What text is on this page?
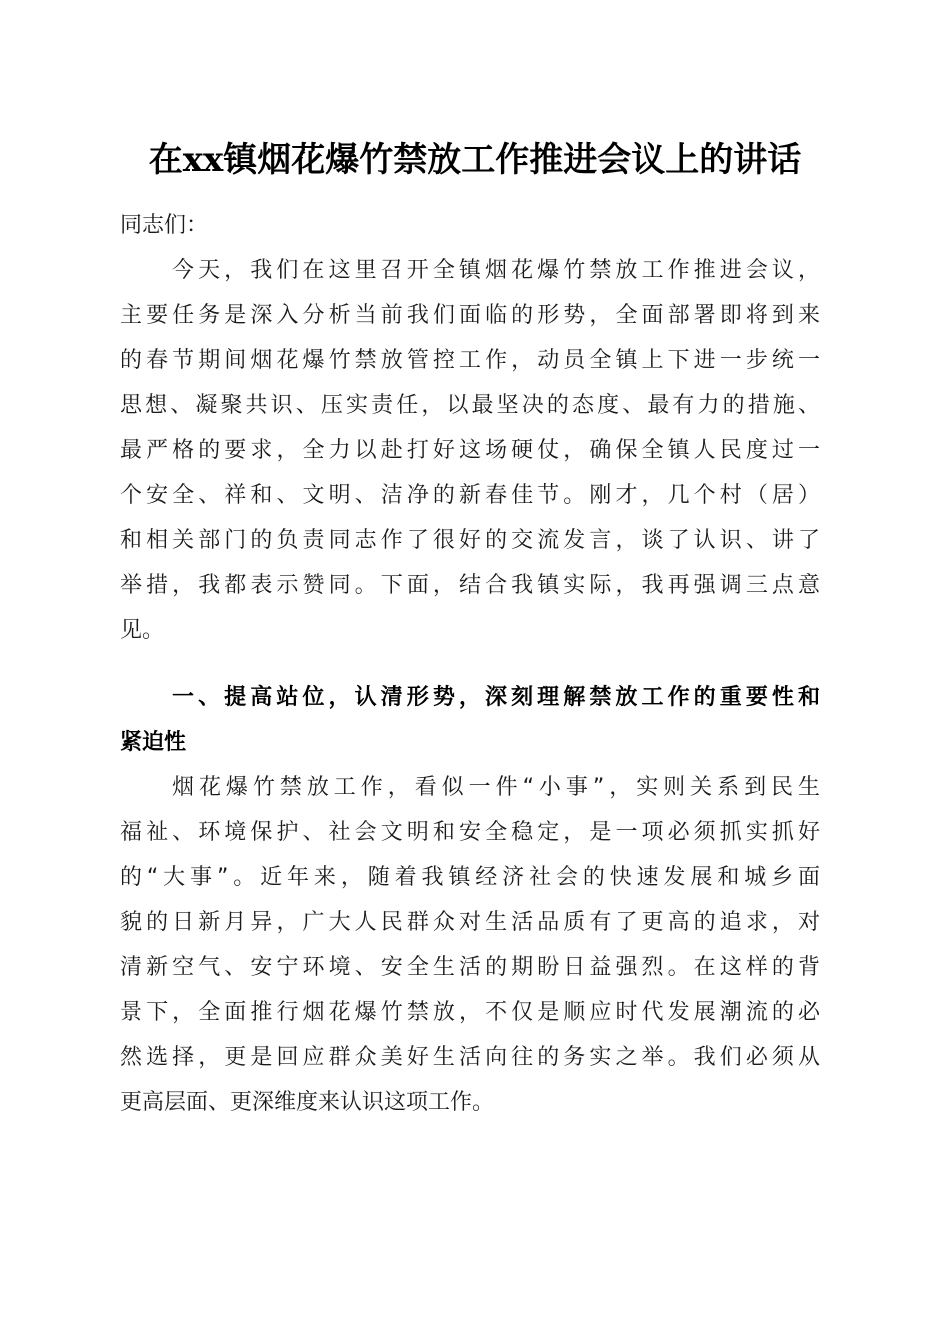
在xx镇烟花爆竹禁放工作推进会议上的讲话

同志们：

今天，我们在这里召开全镇烟花爆竹禁放工作推进会议，

主要任务是深入分析当前我们面临的形势，全面部署即将到来

的春节期间烟花爆竹禁放管控工作，动员全镇上下进一步统一

思想、凝聚共识、压实责任，以最坚决的态度、最有力的措施、

最严格的要求，全力以赴打好这场硬仗，确保全镇人民度过一

个安全、祥和、文明、洁净的新春佳节。刚才，几个村（居）

和相关部门的负责同志作了很好的交流发言，谈了认识、讲了

举措，我都表示赞同。下面，结合我镇实际，我再强调三点意

见。

一、提高站位，认清形势，深刻理解禁放工作的重要性和

紧迫性

烟花爆竹禁放工作，看似一件“小事”，实则关系到民生

福祉、环境保护、社会文明和安全稳定，是一项必须抓实抓好

的“大事”。近年来，随着我镇经济社会的快速发展和城乡面

貌的日新月异，广大人民群众对生活品质有了更高的追求，对

清新空气、安宁环境、安全生活的期盼日益强烈。在这样的背

景下，全面推行烟花爆竹禁放，不仅是顺应时代发展潮流的必

然选择，更是回应群众美好生活向往的务实之举。我们必须从

更高层面、更深维度来认识这项工作。
